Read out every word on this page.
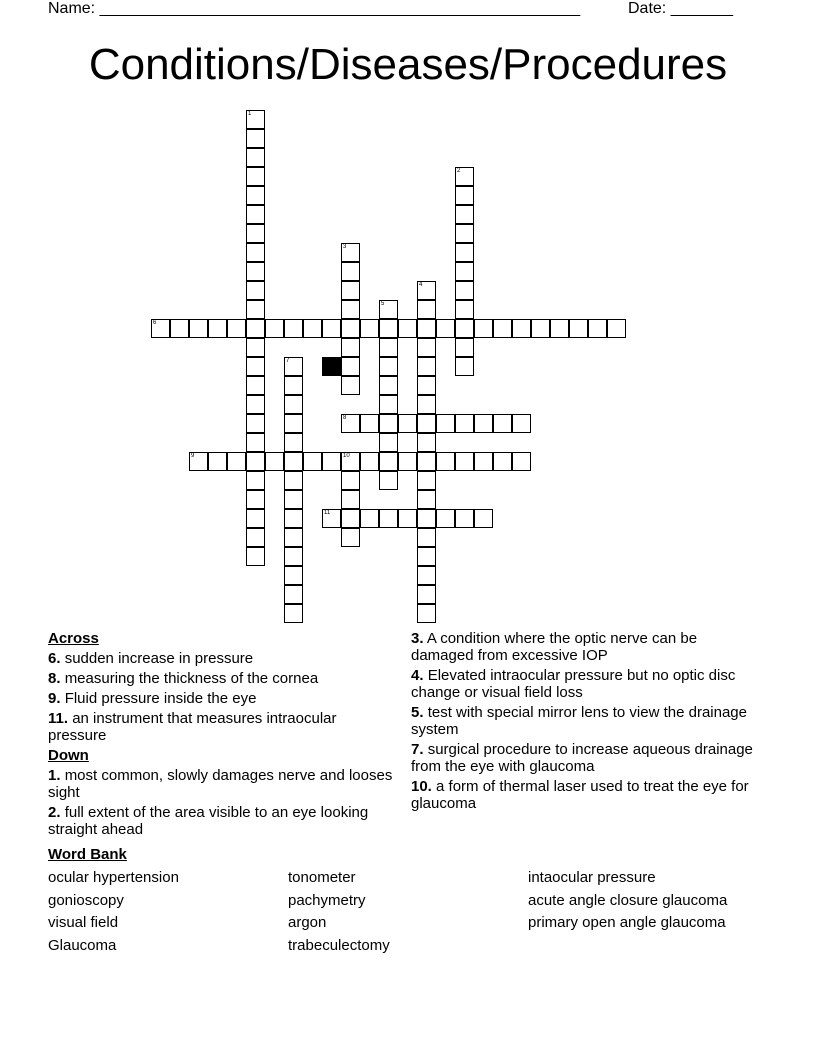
Name: ______________________________________________________	Date: _______
Conditions/Diseases/Procedures
1
2
3
4
5
6
7
8
9	10
11
Across
6. sudden increase in pressure
8. measuring the thickness of the cornea
9. Fluid pressure inside the eye
11. an instrument that measures intraocular pressure
Down
1. most common, slowly damages nerve and looses sight
2. full extent of the area visible to an eye looking straight ahead
3. A condition where the optic nerve can be damaged from excessive IOP
4. Elevated intraocular pressure but no optic disc change or visual field loss
5. test with special mirror lens to view the drainage system
7. surgical procedure to increase aqueous drainage from the eye with glaucoma
10. a form of thermal laser used to treat the eye for glaucoma
Word Bank
ocular hypertension
gonioscopy
visual field
Glaucoma
tonometer
pachymetry
argon
trabeculectomy
intaocular pressure
acute angle closure glaucoma
primary open angle glaucoma
